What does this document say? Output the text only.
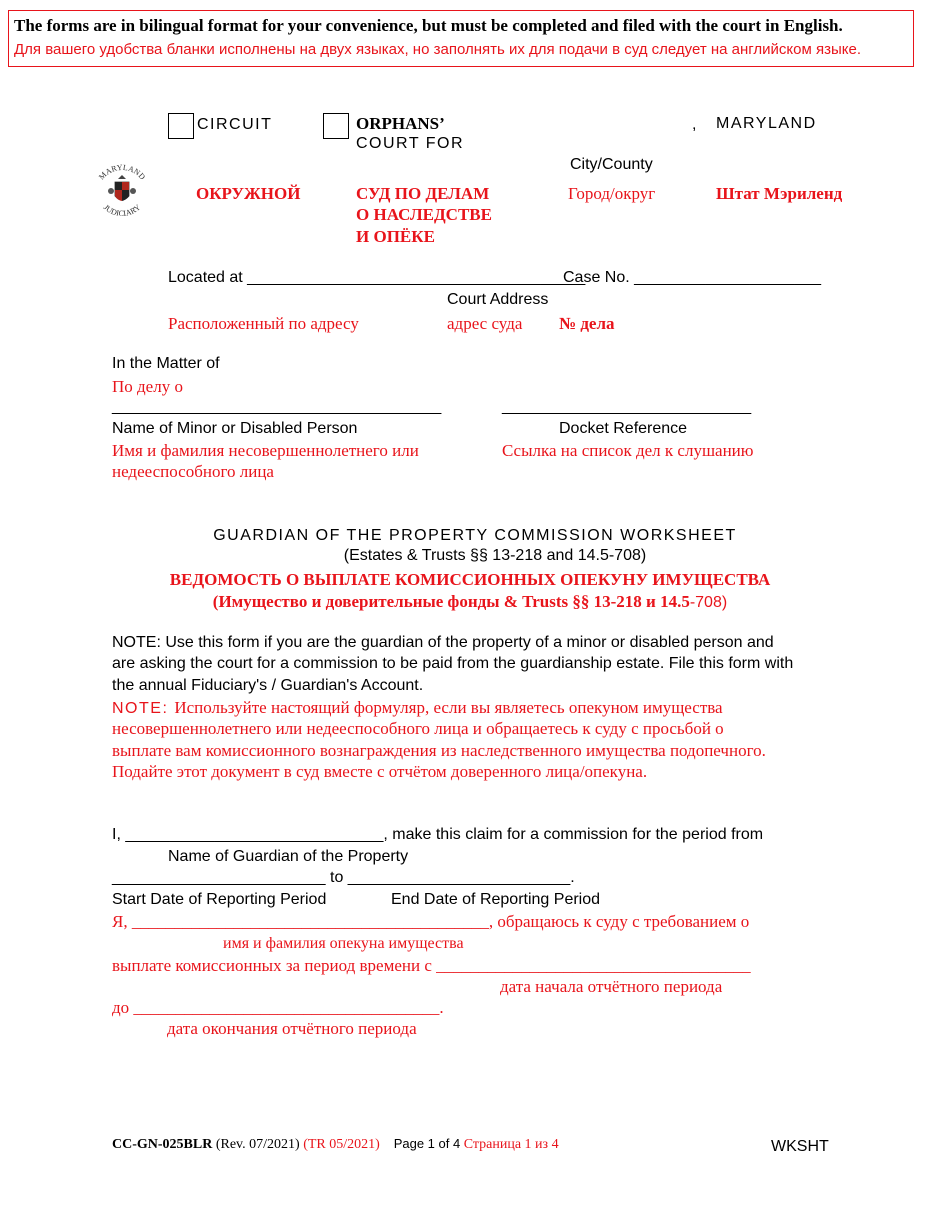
The forms are in bilingual format for your convenience, but must be completed and filed with the court in English.
Для вашего удобства бланки исполнены на двух языках, но заполнять их для подачи в суд следует на английском языке.
CIRCUIT	ORPHANS’
COURT FOR
, MARYLAND
City/County
MARYLAND
JUDICIARY
ОКРУЖНОЙ	СУД ПО ДЕЛАМ
О НАСЛЕДСТВЕ
И ОПЁКЕ
Город/округ	Штат Мэриленд
Located at ______________________________________
Case No. _____________________
Court Address
Расположенный по адресу	адрес суда № дела
In the Matter of
По делу о
_____________________________________	____________________________
Name of Minor or Disabled Person	Docket Reference
Имя и фамилия несовершеннолетнего или
недееспособного лица
Ссылка на список дел к слушанию
GUARDIAN OF THE PROPERTY COMMISSION WORKSHEET
(Estates & Trusts §§ 13-218 and 14.5-708)
ВЕДОМОСТЬ О ВЫПЛАТЕ КОМИССИОННЫХ ОПЕКУНУ ИМУЩЕСТВА
(Имущество и доверительные фонды & Trusts §§ 13-218 и 14.5-708)
NOTE: Use this form if you are the guardian of the property of a minor or disabled person and
are asking the court for a commission to be paid from the guardianship estate. File this form with
the annual Fiduciary's / Guardian's Account.
NOTE: Используйте настоящий формуляр, если вы являетесь опекуном имущества
несовершеннолетнего или недееспособного лица и обращаетесь к суду с просьбой о
выплате вам комиссионного вознаграждения из наследственного имущества подопечного.
Подайте этот документ в суд вместе с отчётом доверенного лица/опекуна.
I, _____________________________, make this claim for a commission for the period from
Name of Guardian of the Property
________________________ to _________________________.
Start Date of Reporting Period	End Date of Reporting Period
Я, __________________________________________, обращаюсь к суду с требованием о
имя и фамилия опекуна имущества
выплате комиссионных за период времени с _____________________________________
дата начала отчётного периода
до ____________________________________.
дата окончания отчётного периода
CC-GN-025BLR (Rev. 07/2021) (TR 05/2021) Page 1 of 4 Страница 1 из 4	WKSHT
